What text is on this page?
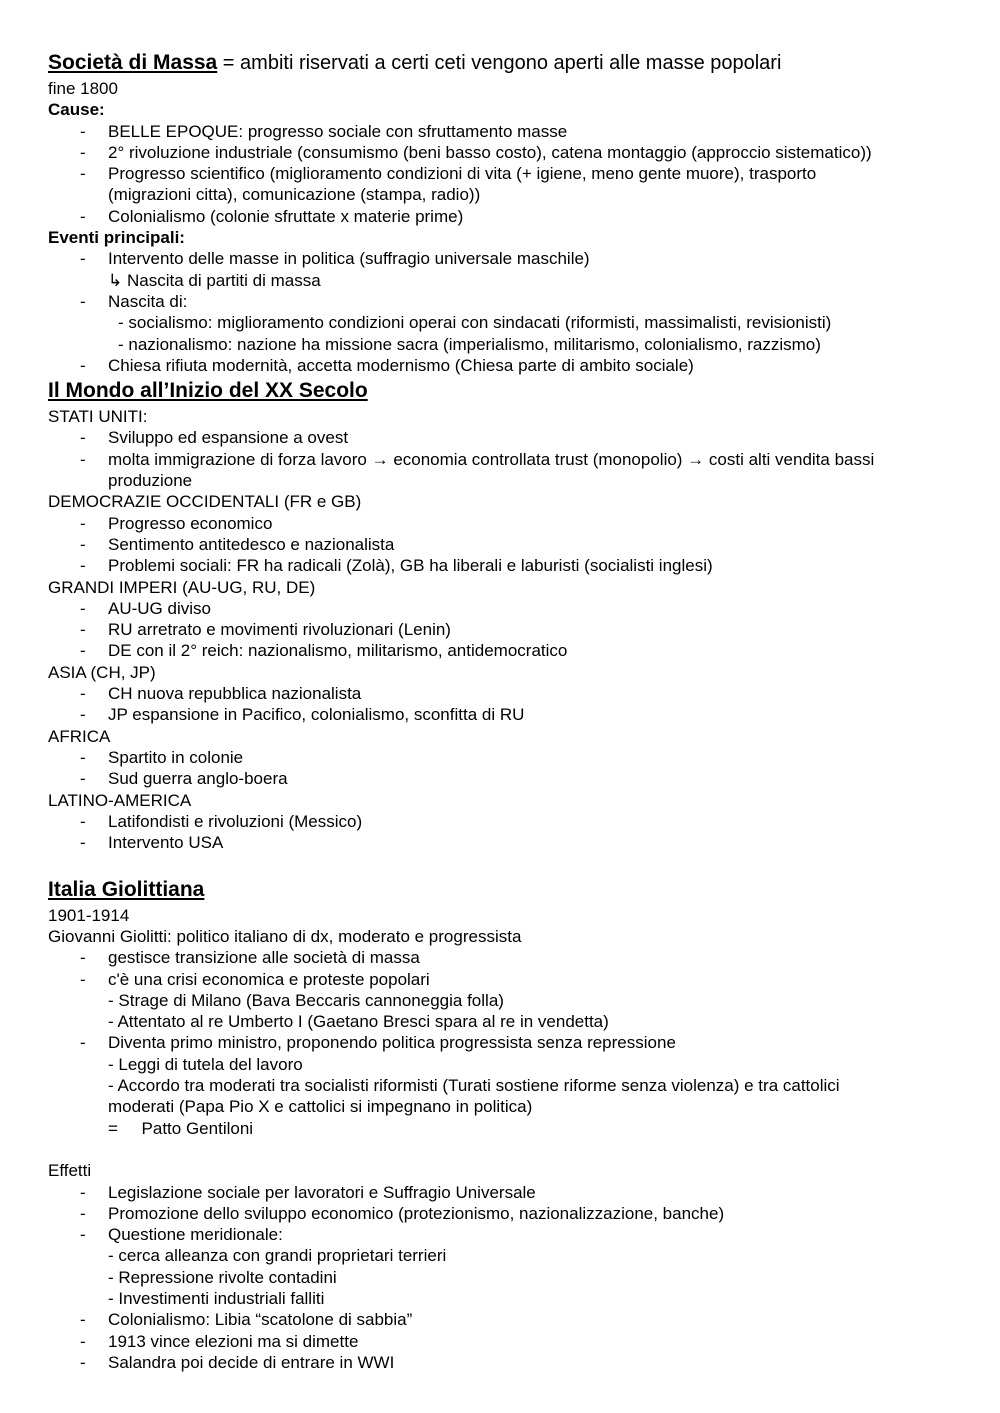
Società di Massa = ambiti riservati a certi ceti vengono aperti alle masse popolari
fine 1800
Cause:
- BELLE EPOQUE: progresso sociale con sfruttamento masse
- 2° rivoluzione industriale (consumismo (beni basso costo), catena montaggio (approccio sistematico))
- Progresso scientifico (miglioramento condizioni di vita (+ igiene, meno gente muore), trasporto
(migrazioni citta), comunicazione (stampa, radio))
- Colonialismo (colonie sfruttate x materie prime)
Eventi principali:
- Intervento delle masse in politica (suffragio universale maschile)
↳ Nascita di partiti di massa
- Nascita di:
- socialismo: miglioramento condizioni operai con sindacati (riformisti, massimalisti, revisionisti)
- nazionalismo: nazione ha missione sacra (imperialismo, militarismo, colonialismo, razzismo)
- Chiesa rifiuta modernità, accetta modernismo (Chiesa parte di ambito sociale)
Il Mondo all’Inizio del XX Secolo
STATI UNITI:
- Sviluppo ed espansione a ovest
- molta immigrazione di forza lavoro → economia controllata trust (monopolio) → costi alti vendita bassi
produzione
DEMOCRAZIE OCCIDENTALI (FR e GB)
- Progresso economico
- Sentimento antitedesco e nazionalista
- Problemi sociali: FR ha radicali (Zolà), GB ha liberali e laburisti (socialisti inglesi)
GRANDI IMPERI (AU-UG, RU, DE)
- AU-UG diviso
- RU arretrato e movimenti rivoluzionari (Lenin)
- DE con il 2° reich: nazionalismo, militarismo, antidemocratico
ASIA (CH, JP)
- CH nuova repubblica nazionalista
- JP espansione in Pacifico, colonialismo, sconfitta di RU
AFRICA
- Spartito in colonie
- Sud guerra anglo-boera
LATINO-AMERICA
- Latifondisti e rivoluzioni (Messico)
- Intervento USA
Italia Giolittiana
1901-1914
Giovanni Giolitti: politico italiano di dx, moderato e progressista
- gestisce transizione alle società di massa
- c'è una crisi economica e proteste popolari
- Strage di Milano (Bava Beccaris cannoneggia folla)
- Attentato al re Umberto I (Gaetano Bresci spara al re in vendetta)
- Diventa primo ministro, proponendo politica progressista senza repressione
- Leggi di tutela del lavoro
- Accordo tra moderati tra socialisti riformisti (Turati sostiene riforme senza violenza) e tra cattolici
moderati (Papa Pio X e cattolici si impegnano in politica)
=     Patto Gentiloni
Effetti
- Legislazione sociale per lavoratori e Suffragio Universale
- Promozione dello sviluppo economico (protezionismo, nazionalizzazione, banche)
- Questione meridionale:
- cerca alleanza con grandi proprietari terrieri
- Repressione rivolte contadini
- Investimenti industriali falliti
- Colonialismo: Libia “scatolone di sabbia”
- 1913 vince elezioni ma si dimette
- Salandra poi decide di entrare in WWI
